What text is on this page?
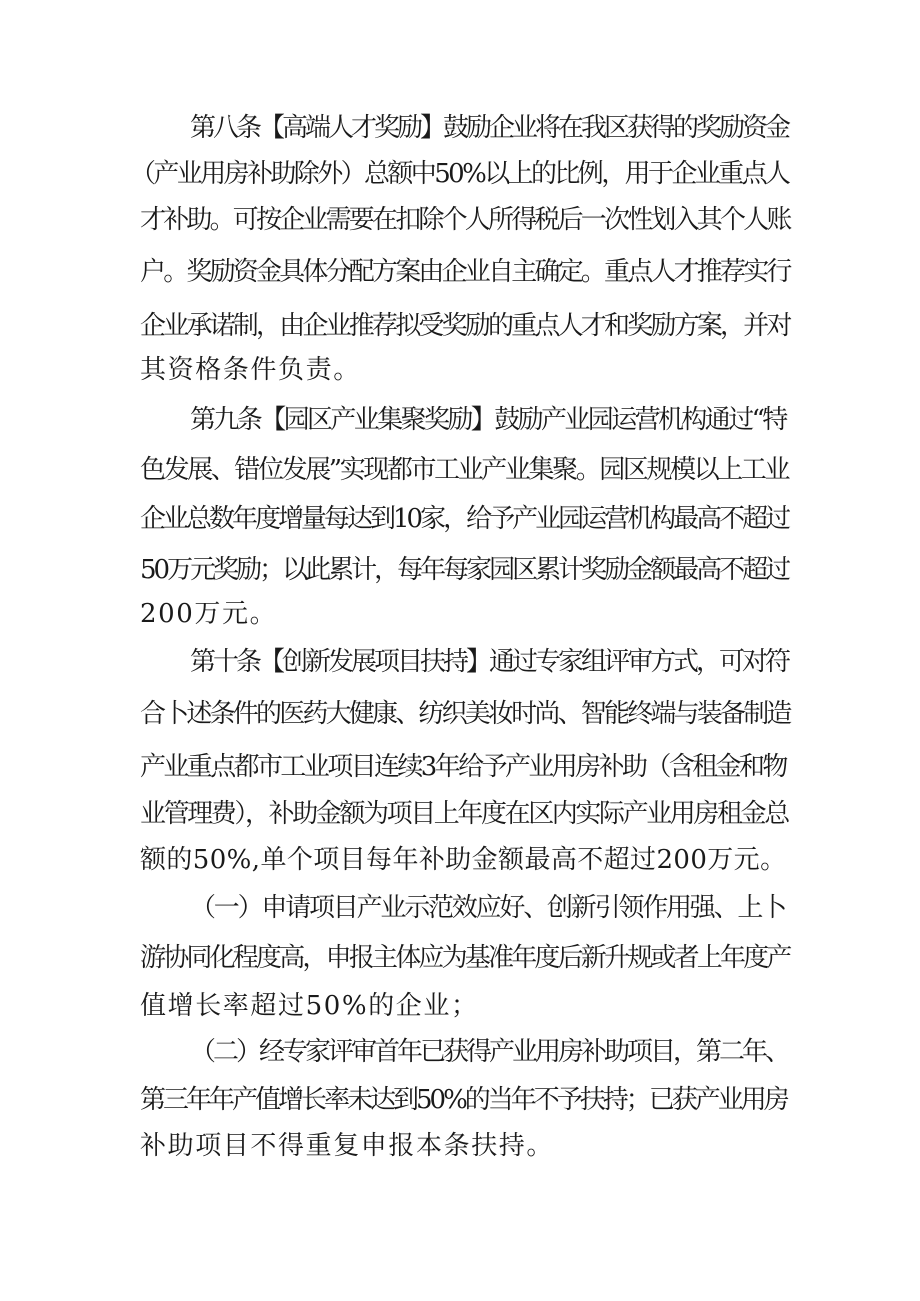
第八条【高端人才奖励】鼓励企业将在我区获得的奖励资金
（产业用房补助除外）总额中50%以上的比例，用于企业重点人
才补助。可按企业需要在扣除个人所得税后一次性划入其个人账
户。奖励资金具体分配方案由企业自主确定。重点人才推荐实行
企业承诺制，由企业推荐拟受奖励的重点人才和奖励方案，并对
其资格条件负责。
第九条【园区产业集聚奖励】鼓励产业园运营机构通过“特
色发展、错位发展”实现都市工业产业集聚。园区规模以上工业
企业总数年度增量每达到10家，给予产业园运营机构最高不超过
50万元奖励；以此累计，每年每家园区累计奖励金额最高不超过
200万元。
第十条【创新发展项目扶持】通过专家组评审方式，可对符
合卜述条件的医药大健康、纺织美妆时尚、智能终端与装备制造
产业重点都市工业项目连续3年给予产业用房补助（含租金和物
业管理费），补助金额为项目上年度在区内实际产业用房租金总
额的50%,单个项目每年补助金额最高不超过200万元。
（一）申请项目产业示范效应好、创新引领作用强、上卜
游协同化程度高，申报主体应为基准年度后新升规或者上年度产
值增长率超过50%的企业；
（二）经专家评审首年已获得产业用房补助项目，第二年、
第三年年产值增长率未达到50%的当年不予扶持；已获产业用房
补助项目不得重复申报本条扶持。
